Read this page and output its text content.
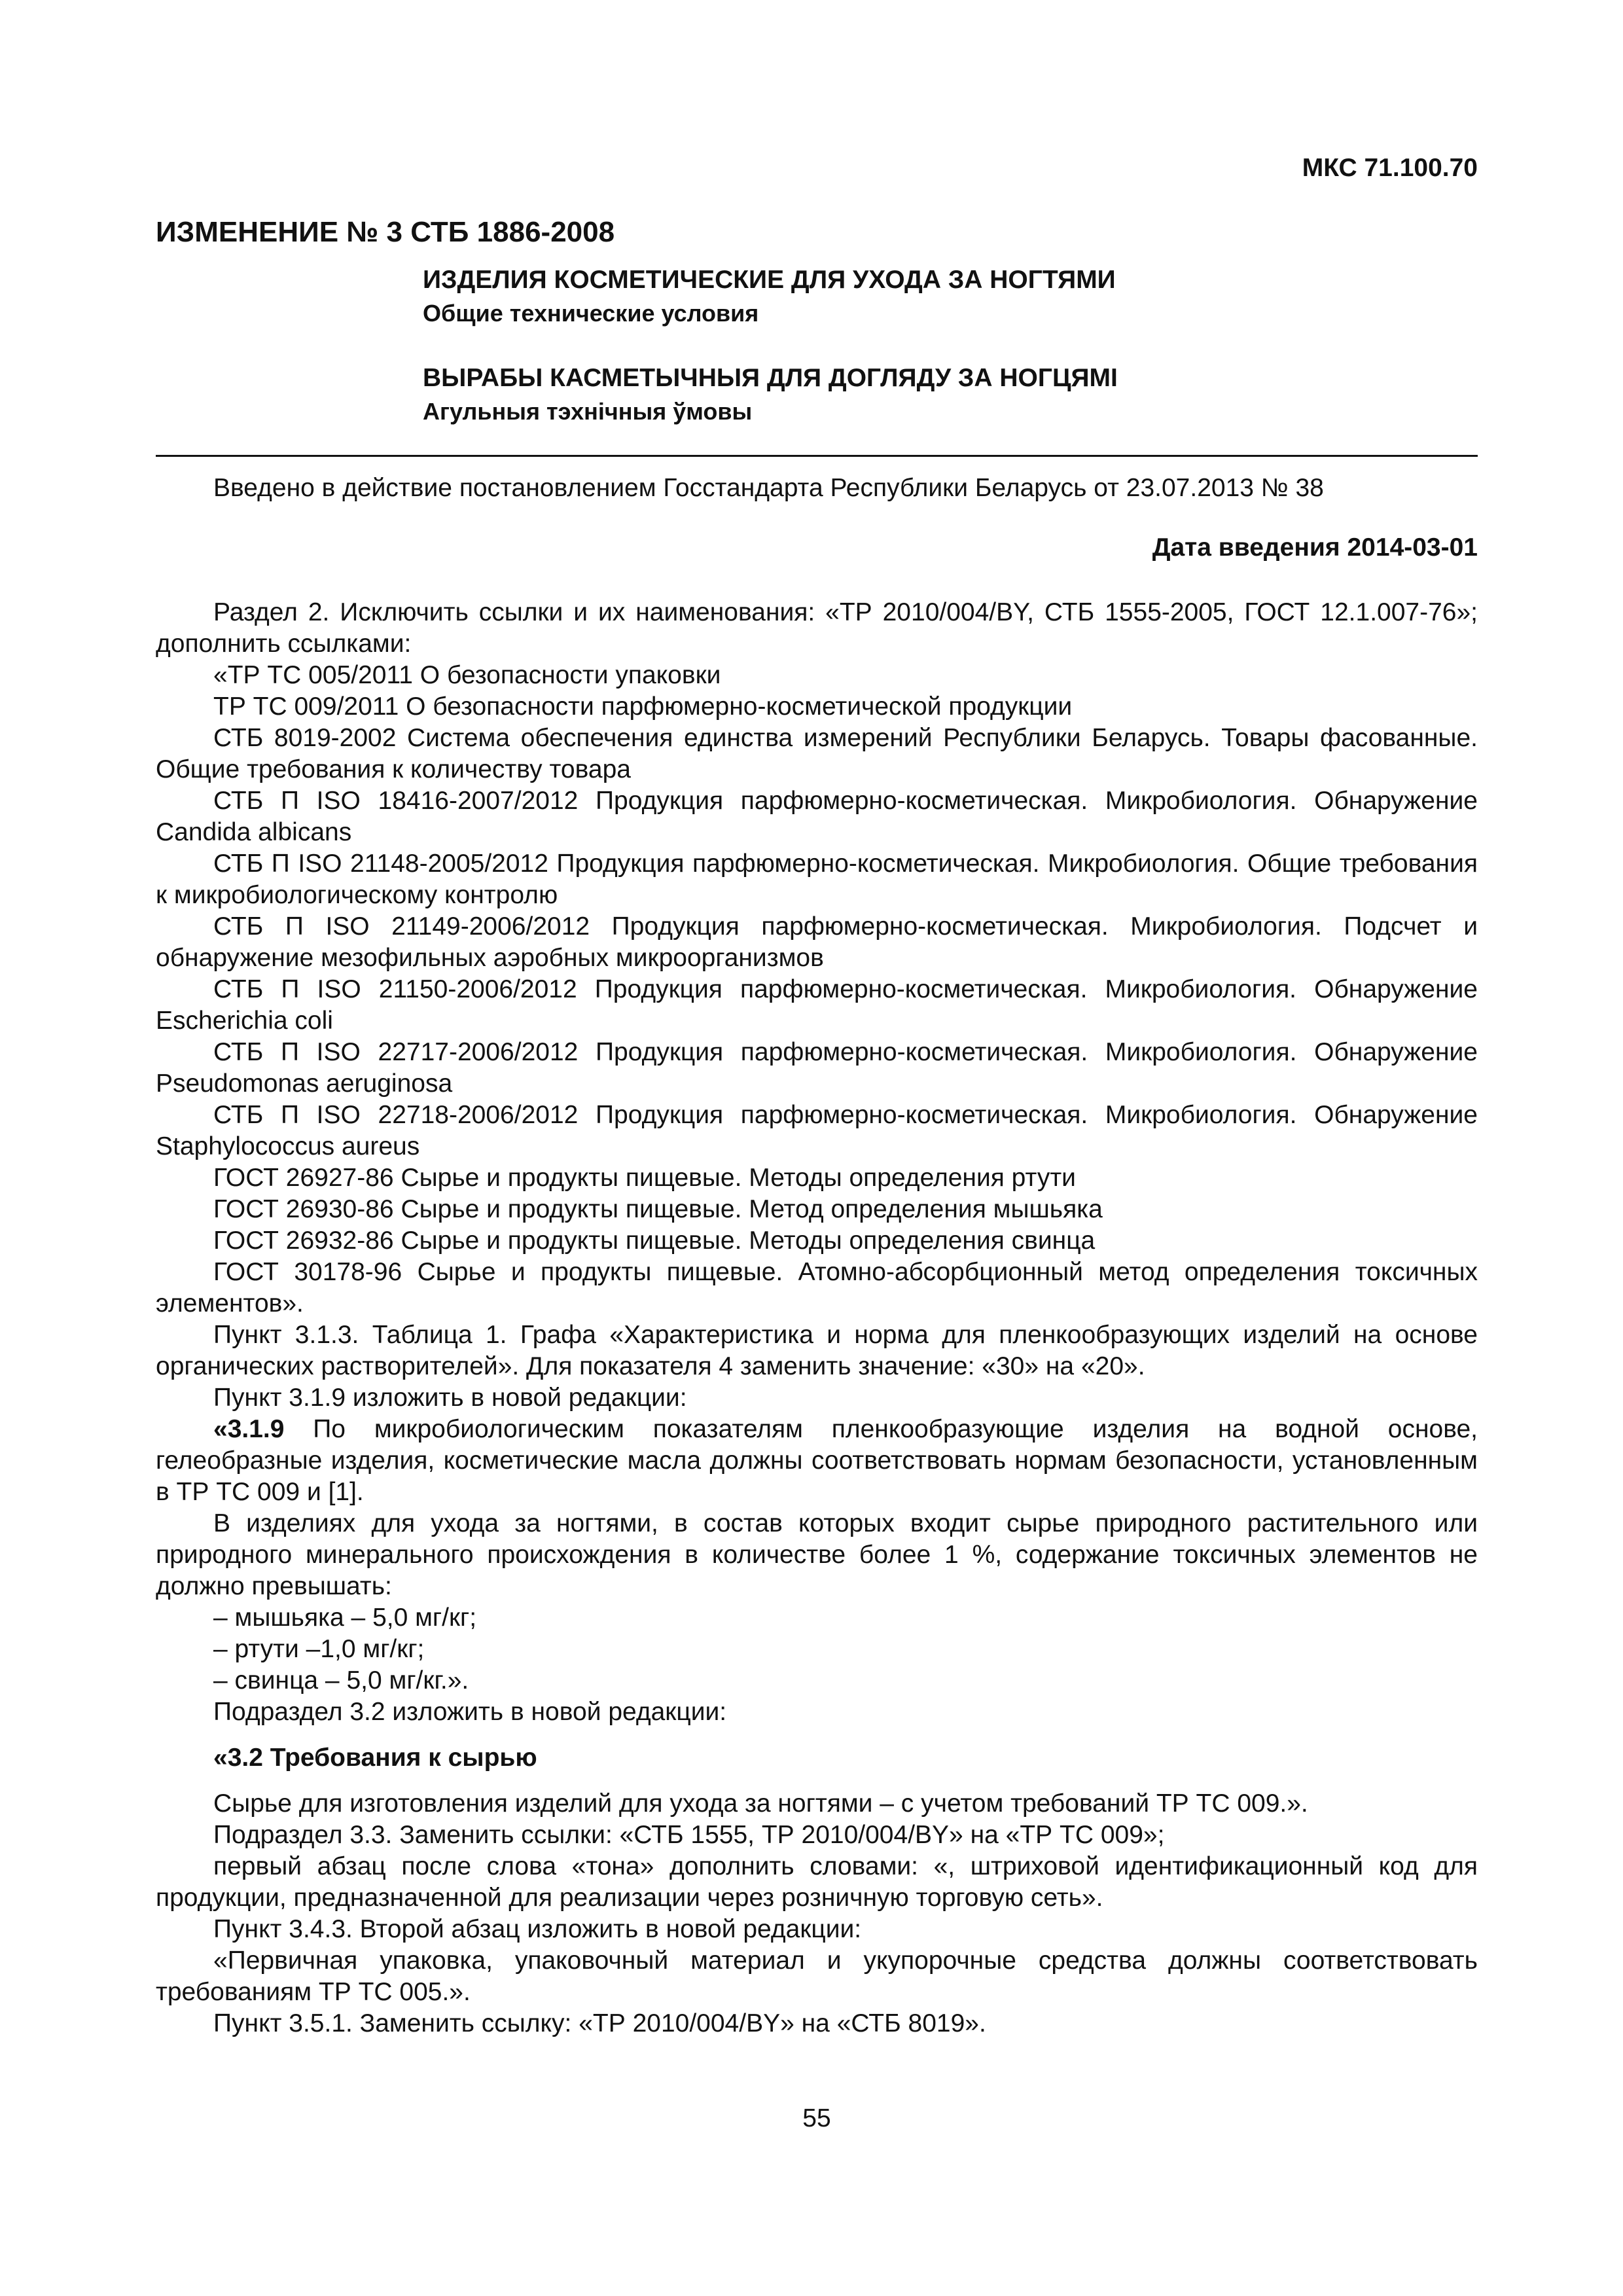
МКС 71.100.70
ИЗМЕНЕНИЕ № 3 СТБ 1886-2008
ИЗДЕЛИЯ КОСМЕТИЧЕСКИЕ ДЛЯ УХОДА ЗА НОГТЯМИ
Общие технические условия
ВЫРАБЫ КАСМЕТЫЧНЫЯ ДЛЯ ДОГЛЯДУ ЗА НОГЦЯМІ
Агульныя тэхнічныя ўмовы
Введено в действие постановлением Госстандарта Республики Беларусь от 23.07.2013 № 38
Дата введения 2014-03-01

Раздел 2. Исключить ссылки и их наименования: «ТР 2010/004/BY, СТБ 1555-2005, ГОСТ 12.1.007-76»; дополнить ссылками:

«ТР ТС 005/2011 О безопасности упаковки

ТР ТС 009/2011 О безопасности парфюмерно-косметической продукции

СТБ 8019-2002 Система обеспечения единства измерений Республики Беларусь. Товары фасованные. Общие требования к количеству товара

СТБ П ISO 18416-2007/2012 Продукция парфюмерно-косметическая. Микробиология. Обнаружение Candida albicans

СТБ П ISO 21148-2005/2012 Продукция парфюмерно-косметическая. Микробиология. Общие требования к микробиологическому контролю

СТБ П ISO 21149-2006/2012 Продукция парфюмерно-косметическая. Микробиология. Подсчет и обнаружение мезофильных аэробных микроорганизмов

СТБ П ISO 21150-2006/2012 Продукция парфюмерно-косметическая. Микробиология. Обнаружение Escherichia coli

СТБ П ISO 22717-2006/2012 Продукция парфюмерно-косметическая. Микробиология. Обнаружение Pseudomonas aeruginosa

СТБ П ISO 22718-2006/2012 Продукция парфюмерно-косметическая. Микробиология. Обнаружение Staphylococcus aureus

ГОСТ 26927-86 Сырье и продукты пищевые. Методы определения ртути

ГОСТ 26930-86 Сырье и продукты пищевые. Метод определения мышьяка

ГОСТ 26932-86 Сырье и продукты пищевые. Методы определения свинца

ГОСТ 30178-96 Сырье и продукты пищевые. Атомно-абсорбционный метод определения токсичных элементов».

Пункт 3.1.3. Таблица 1. Графа «Характеристика и норма для пленкообразующих изделий на основе органических растворителей». Для показателя 4 заменить значение: «30» на «20».

Пункт 3.1.9 изложить в новой редакции:

«3.1.9 По микробиологическим показателям пленкообразующие изделия на водной основе, гелеобразные изделия, косметические масла должны соответствовать нормам безопасности, установленным в ТР ТС 009 и [1].

В изделиях для ухода за ногтями, в состав которых входит сырье природного растительного или природного минерального происхождения в количестве более 1 %, содержание токсичных элементов не должно превышать:

– мышьяка – 5,0 мг/кг;

– ртути –1,0 мг/кг;

– свинца – 5,0 мг/кг.».

Подраздел 3.2 изложить в новой редакции:

«3.2 Требования к сырью

Сырье для изготовления изделий для ухода за ногтями – с учетом требований ТР ТС 009.».

Подраздел 3.3. Заменить ссылки: «СТБ 1555, ТР 2010/004/BY» на «ТР ТС 009»;

первый абзац после слова «тона» дополнить словами: «, штриховой идентификационный код для продукции, предназначенной для реализации через розничную торговую сеть».

Пункт 3.4.3. Второй абзац изложить в новой редакции:

«Первичная упаковка, упаковочный материал и укупорочные средства должны соответствовать требованиям ТР ТС 005.».

Пункт 3.5.1. Заменить ссылку: «ТР 2010/004/BY» на «СТБ 8019».

55
